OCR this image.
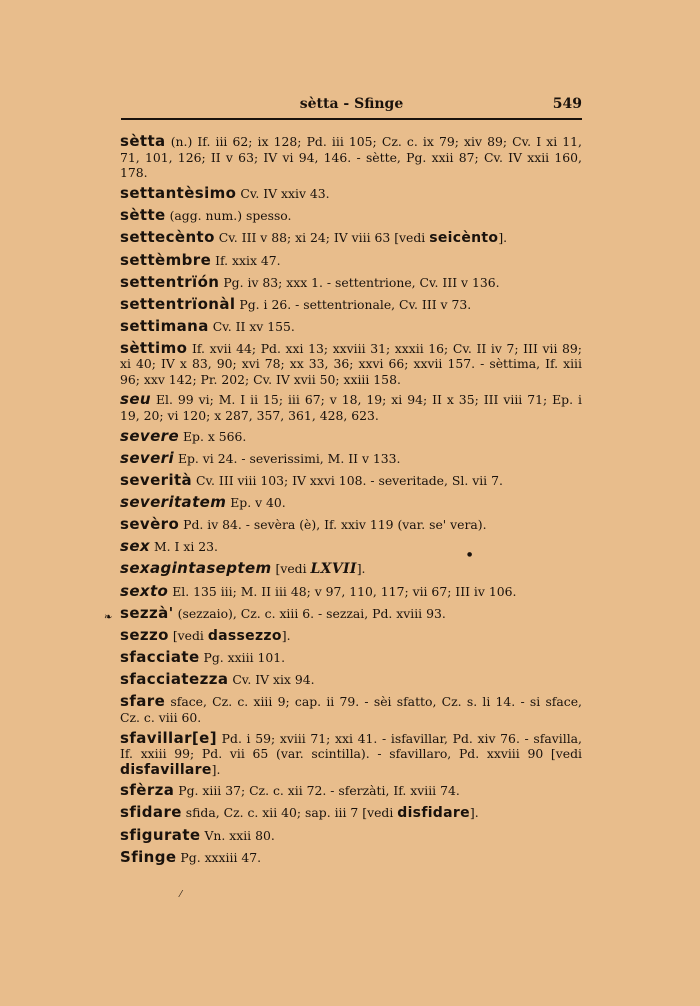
sètta - Sfinge	549

sètta (n.) If. iii 62; ix 128; Pd. iii 105; Cz. c. ix 79; xiv 89; Cv. I xi 11, 71, 101, 126; II v 63; IV vi 94, 146. - sètte, Pg. xxii 87; Cv. IV xxii 160, 178.

settantèsimo Cv. IV xxiv 43.

sètte (agg. num.) spesso.

settecènto Cv. III v 88; xi 24; IV viii 63 [vedi seicènto].

settèmbre If. xxix 47.

settentrïón Pg. iv 83; xxx 1. - settentrione, Cv. III v 136.

settentrïonàl Pg. i 26. - settentrionale, Cv. III v 73.

settimana Cv. II xv 155.

sèttimo If. xvii 44; Pd. xxi 13; xxviii 31; xxxii 16; Cv. II iv 7; III vii 89; xi 40; IV x 83, 90; xvi 78; xx 33, 36; xxvi 66; xxvii 157. - sèttima, If. xiii 96; xxv 142; Pr. 202; Cv. IV xvii 50; xxiii 158.

seu El. 99 vi; M. I ii 15; iii 67; v 18, 19; xi 94; II x 35; III viii 71; Ep. i 19, 20; vi 120; x 287, 357, 361, 428, 623.

severe Ep. x 566.

severi Ep. vi 24. - severissimi, M. II v 133.

severità Cv. III viii 103; IV xxvi 108. - severitade, Sl. vii 7.

severitatem Ep. v 40.

sevèro Pd. iv 84. - sevèra (è), If. xxiv 119 (var. se' vera).

sex M. I xi 23.

sexagintaseptem [vedi LXVII].

sexto El. 135 iii; M. II iii 48; v 97, 110, 117; vii 67; III iv 106.

sezzà' (sezzaio), Cz. c. xiii 6. - sezzai, Pd. xviii 93.

sezzo [vedi dassezzo].

sfacciate Pg. xxiii 101.

sfacciatezza Cv. IV xix 94.

sfare sface, Cz. c. xiii 9; cap. ii 79. - sèi sfatto, Cz. s. li 14. - si sface, Cz. c. viii 60.

sfavillar[e] Pd. i 59; xviii 71; xxi 41. - isfavillar, Pd. xiv 76. - sfavilla, If. xxiii 99; Pd. vii 65 (var. scintilla). - sfavillaro, Pd. xxviii 90 [vedi disfavillare].

sfèrza Pg. xiii 37; Cz. c. xii 72. - sferzàti, If. xviii 74.

sfidare sfida, Cz. c. xii 40; sap. iii 7 [vedi disfidare].

sfigurate Vn. xxii 80.

Sfinge Pg. xxxiii 47.

❧
●
⁄
